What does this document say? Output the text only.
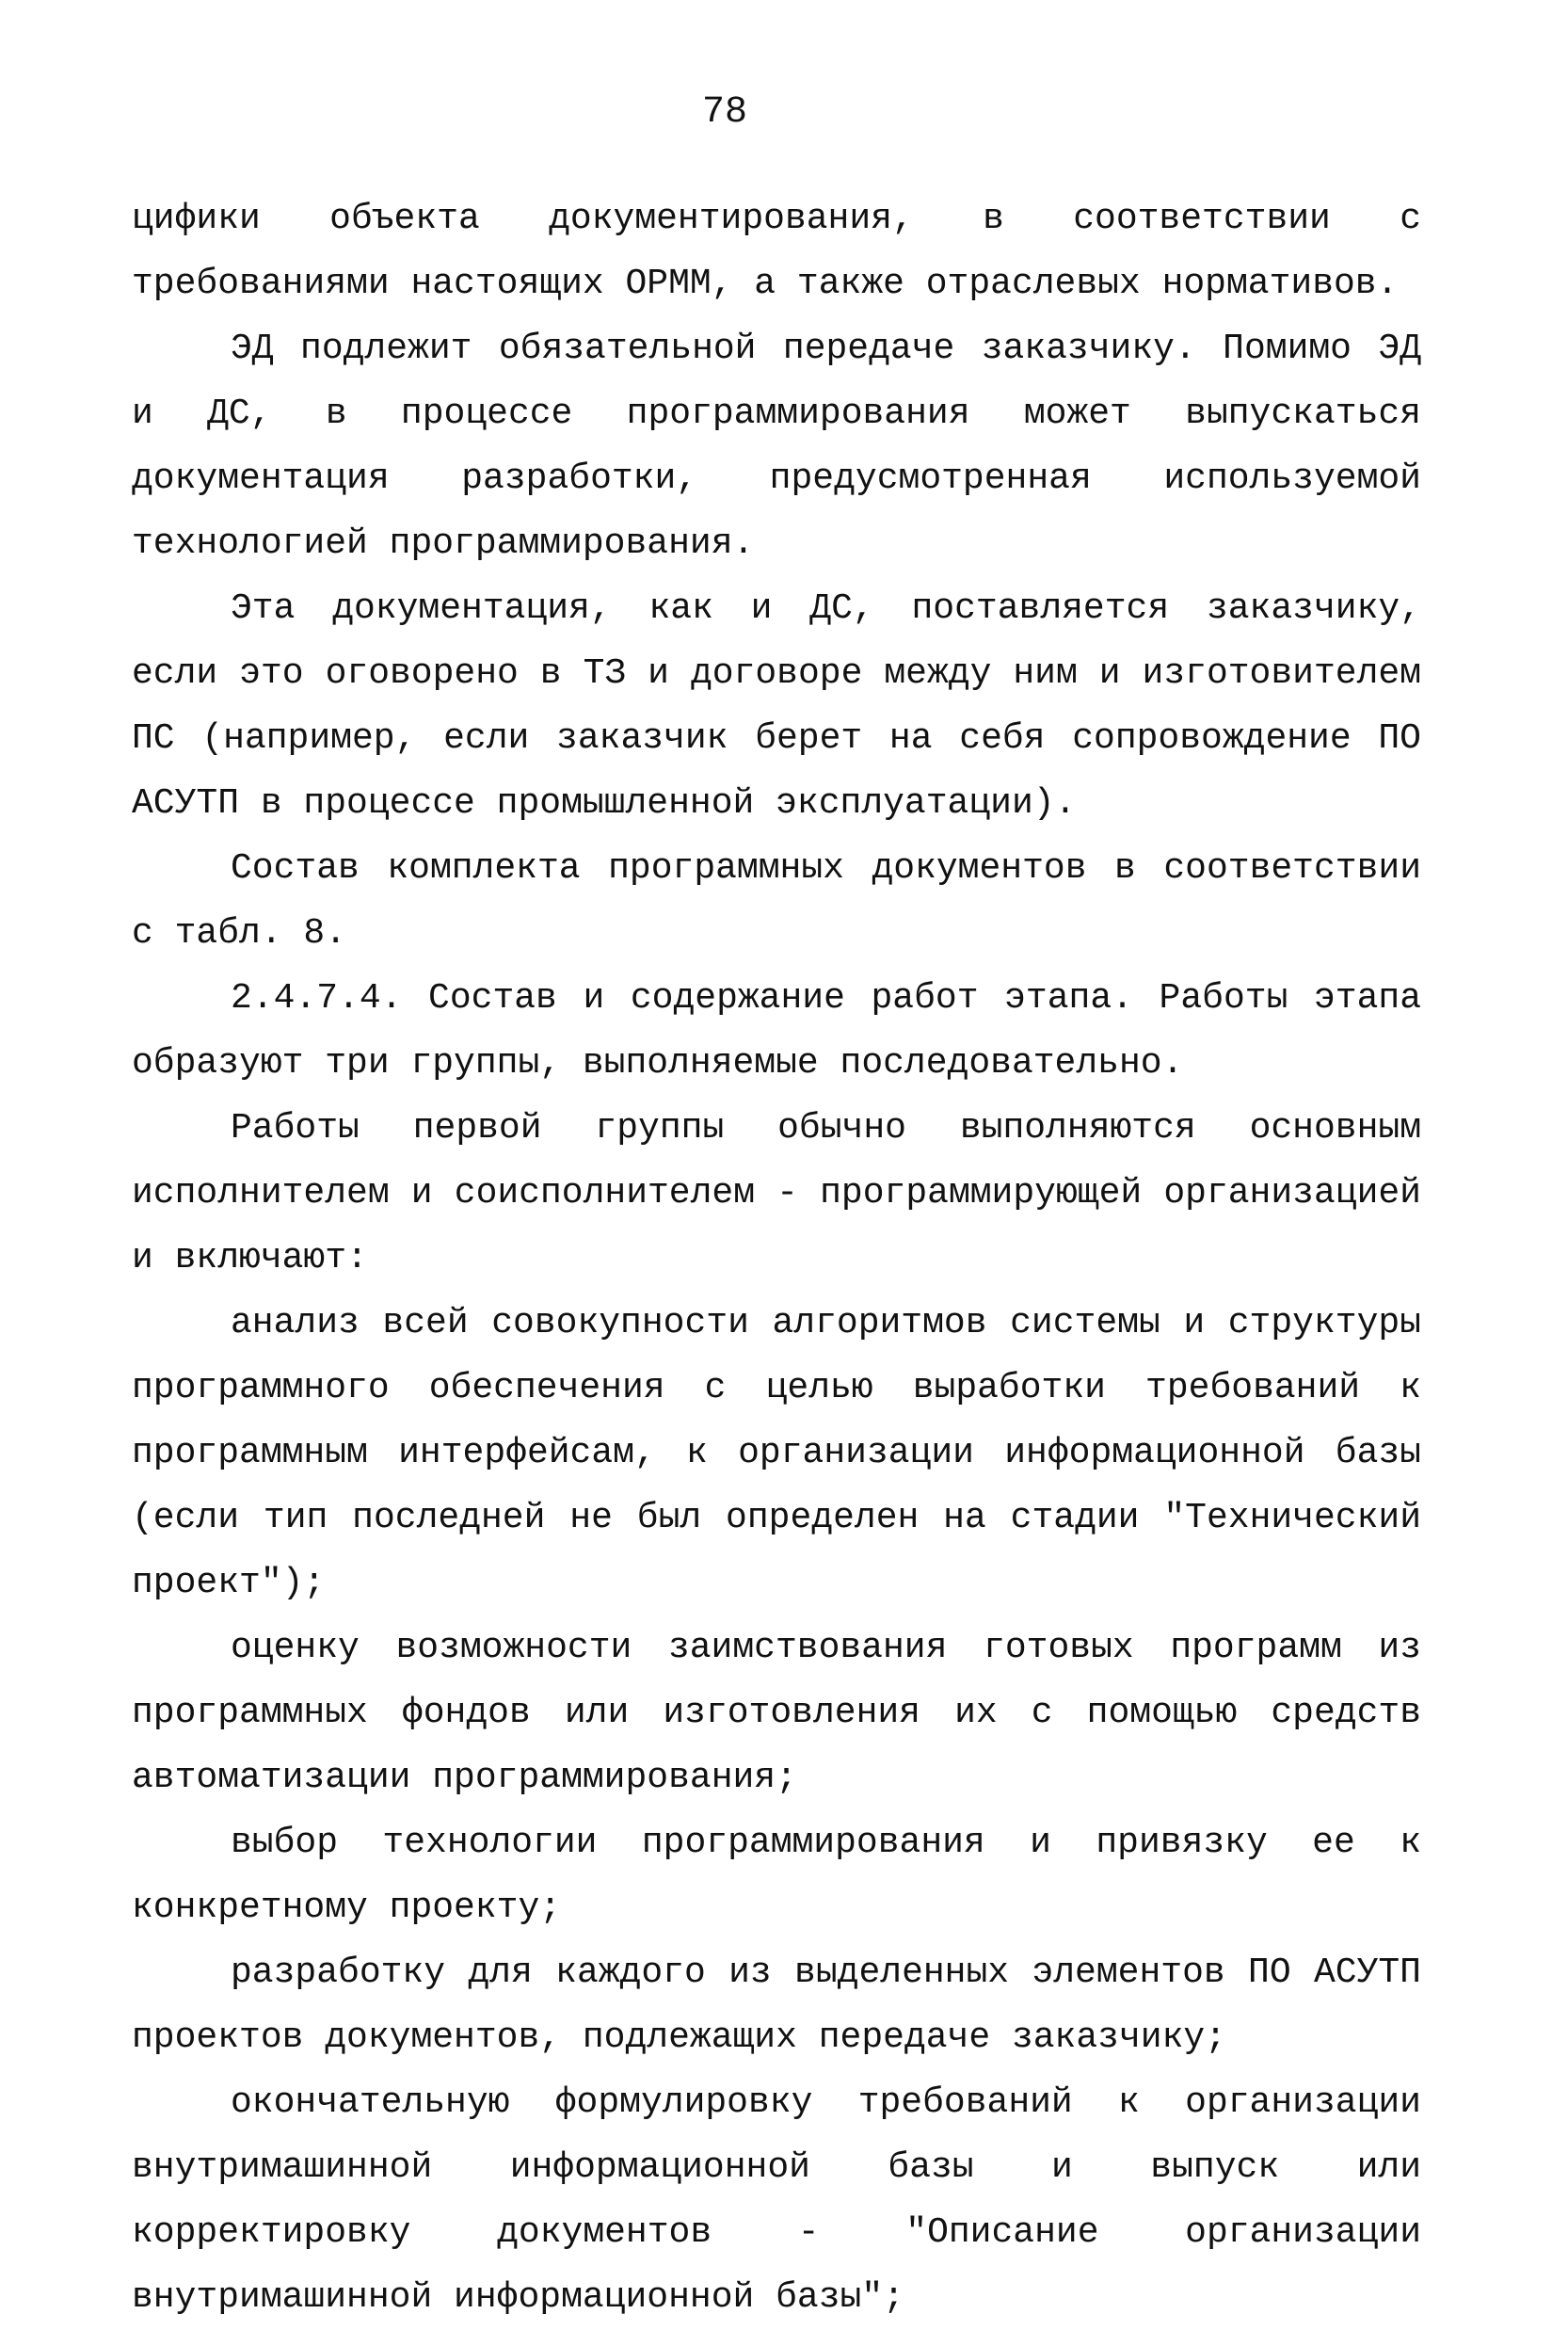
78

цифики объекта документирования, в соответствии с требованиями настоящих ОРММ, а также отраслевых нормативов.

ЭД подлежит обязательной передаче заказчику. Помимо ЭД и ДС, в процессе программирования может выпускаться документация разработки, предусмотренная используемой технологией программирования.

Эта документация, как и ДС, поставляется заказчику, если это оговорено в ТЗ и договоре между ним и изготовителем ПС (например, если заказчик берет на себя сопровождение ПО АСУТП в процессе промышленной эксплуатации).

Состав комплекта программных документов в соответствии с табл. 8.

2.4.7.4. Состав и содержание работ этапа. Работы этапа образуют три группы, выполняемые последовательно.

Работы первой группы обычно выполняются основным исполнителем и соисполнителем - программирующей организацией и включают:

анализ всей совокупности алгоритмов системы и структуры программного обеспечения с целью выработки требований к программным интерфейсам, к организации информационной базы (если тип последней не был определен на стадии "Технический проект");

оценку возможности заимствования готовых программ из программных фондов или изготовления их с помощью средств автоматизации программирования;

выбор технологии программирования и привязку ее к конкретному проекту;

разработку для каждого из выделенных элементов ПО АСУТП проектов документов, подлежащих передаче заказчику;

окончательную формулировку требований к организации внутримашинной информационной базы и выпуск или корректировку документов - "Описание организации внутримашинной информационной базы";
